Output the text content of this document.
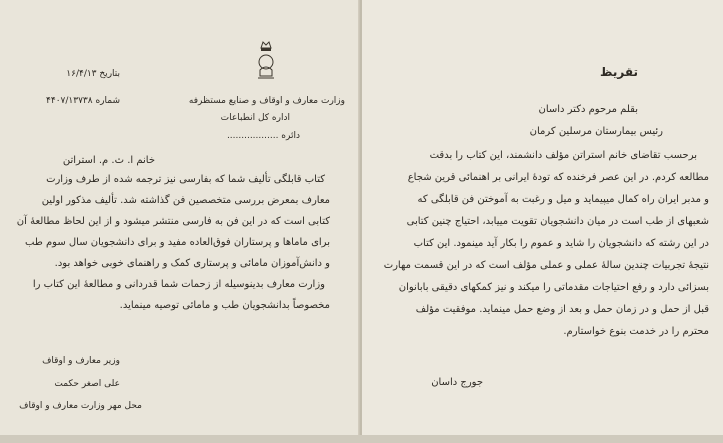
بتاریخ ۱۶/۴/۱۳
شماره ۴۴۰۷/۱۳۷۳۸	وزارت معارف و اوقاف و صنایع مستظرفه
اداره کل انطباعات
دائره ..................
خانم ا. ث. م. استراتن
کتاب قابلگی تألیف شما که بفارسی نیز ترجمه شده از طرف وزارت
معارف بمعرض بررسی متخصصین فن گذاشته شد. تألیف مذکور اولین
کتابی است که در این فن به فارسی منتشر میشود و از این لحاظ مطالعهٔ آن
برای ماماها و پرستاران فوق‌العاده مفید و برای دانشجویان سال سوم طب
و دانش‌آموزان مامائی و پرستاری کمک و راهنمای خوبی خواهد بود.
وزارت معارف بدینوسیله از زحمات شما قدردانی و مطالعهٔ این کتاب را
مخصوصاً بدانشجویان طب و مامائی توصیه مینماید.
وزیر معارف و اوقاف
علی اصغر حکمت
محل مهر وزارت معارف و اوقاف
تقریظ
بقلم مرحوم دکتر داسان
رئیس بیمارستان مرسلین کرمان
برحسب تقاضای خانم استراتن مؤلف دانشمند، این کتاب را بدقت
مطالعه کردم. در این عصر فرخنده که تودهٔ ایرانی بر اهنمائی قرین شجاع
و مدبر ایران راه کمال میپیماید و میل و رغبت به آموختن فن قابلگی که
شعبهای از طب است در میان دانشجویان تقویت مییابد، احتیاج چنین کتابی
در این رشته که دانشجویان را شاید و عموم را بکار آید مینمود. این کتاب
نتیجهٔ تجربیات چندین سالهٔ عملی و عملی مؤلف است که در این قسمت مهارت
بسزائی دارد و رفع احتیاجات مقدماتی را میکند و نیز کمکهای دقیقی بابانوان
قبل از حمل و در زمان حمل و بعد از وضع حمل مینماید. موفقیت مؤلف
محترم را در خدمت بنوع خواستارم.
جورج داسان
